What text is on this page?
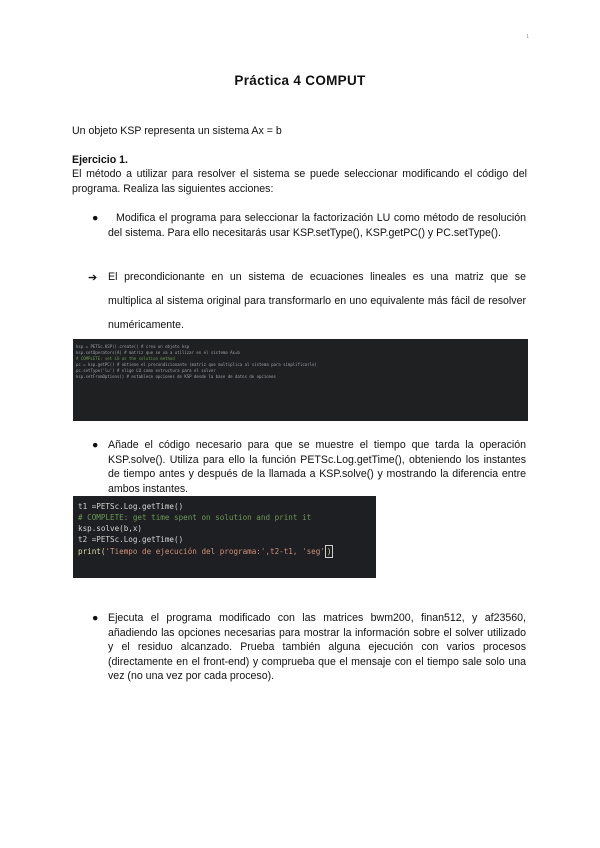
1
Práctica 4 COMPUT
Un objeto KSP representa un sistema Ax = b
Ejercicio 1.
El método a utilizar para resolver el sistema se puede seleccionar modificando el código del programa. Realiza las siguientes acciones:
●	Modifica el programa para seleccionar la factorización LU como método de resolución del sistema. Para ello necesitarás usar KSP.setType(), KSP.getPC() y PC.setType().
➔ El precondicionante en un sistema de ecuaciones lineales es una matriz que se multiplica al sistema original para transformarlo en uno equivalente más fácil de resolver numéricamente.
ksp = PETSc.KSP().create() # crea un objeto ksp
ksp.setOperators(A) # matriz que se va a utilizar en el sistema Ax=b
# COMPLETE: set LU as the solution method
pc = ksp.getPC() # obtiene el precondicionante (matriz que multiplica al sistema para simplificarlo)
pc.setType('lu') # elige LU como estructura para el solver
ksp.setFromOptions() # establece opciones de KSP desde la base de datos de opciones
● Añade el código necesario para que se muestre el tiempo que tarda la operación KSP.solve(). Utiliza para ello la función PETSc.Log.getTime(), obteniendo los instantes de tiempo antes y después de la llamada a KSP.solve() y mostrando la diferencia entre ambos instantes.
t1 =PETSc.Log.getTime()
# COMPLETE: get time spent on solution and print it
ksp.solve(b,x)
t2 =PETSc.Log.getTime()
print('Tiempo de ejecución del programa:',t2-t1, 'seg' )
● Ejecuta el programa modificado con las matrices bwm200, finan512, y af23560, añadiendo las opciones necesarias para mostrar la información sobre el solver utilizado y el residuo alcanzado. Prueba también alguna ejecución con varios procesos (directamente en el front-end) y comprueba que el mensaje con el tiempo sale solo una vez (no una vez por cada proceso).
